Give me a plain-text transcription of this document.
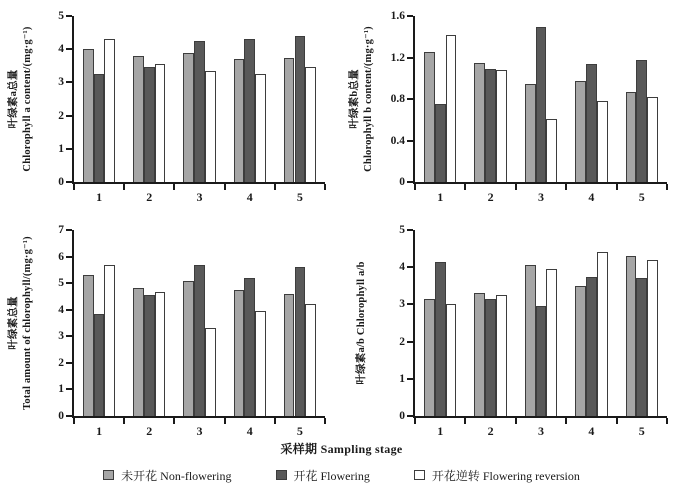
叶绿素a总量 Chlorophyll a content/(mg·g⁻¹)
0
1
2
3
4
5
1	2	3	4	5
叶绿素b总量 Chlorophyll b content/(mg·g⁻¹)
0
0.4
0.8
1.2
1.6
1	2	3	4	5
叶绿素总量 Total amount of chlorophyll/(mg·g⁻¹)
0
1
2
3
4
5
6
7
1	2	3	4	5
叶绿素a/b Chlorophyll a/b
0
1
2
3
4
5
1	2	3	4	5
采样期 Sampling stage
未开花 Non-flowering	开花 Flowering	开花逆转 Flowering reversion
